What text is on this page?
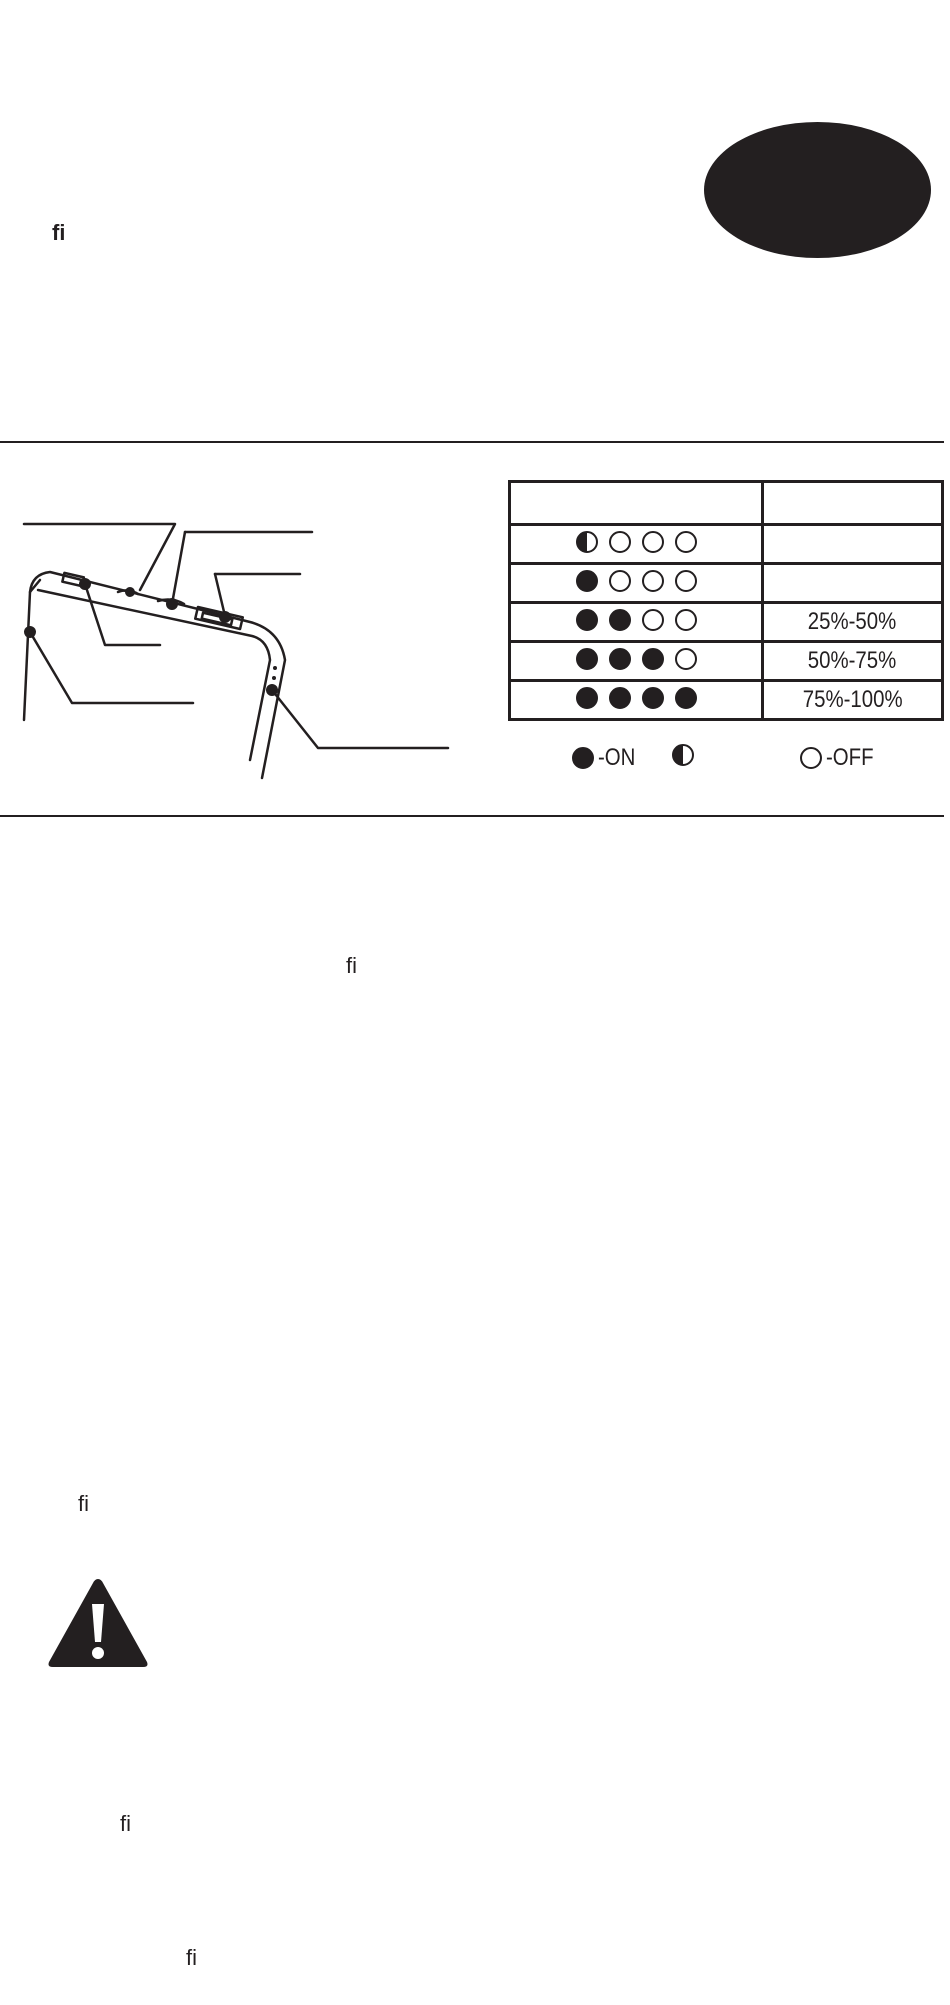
ﬁ

	25%-50%

	50%-75%

	75%-100%
-ON	-OFF
ﬁ
ﬁ
ﬁ
ﬁ
